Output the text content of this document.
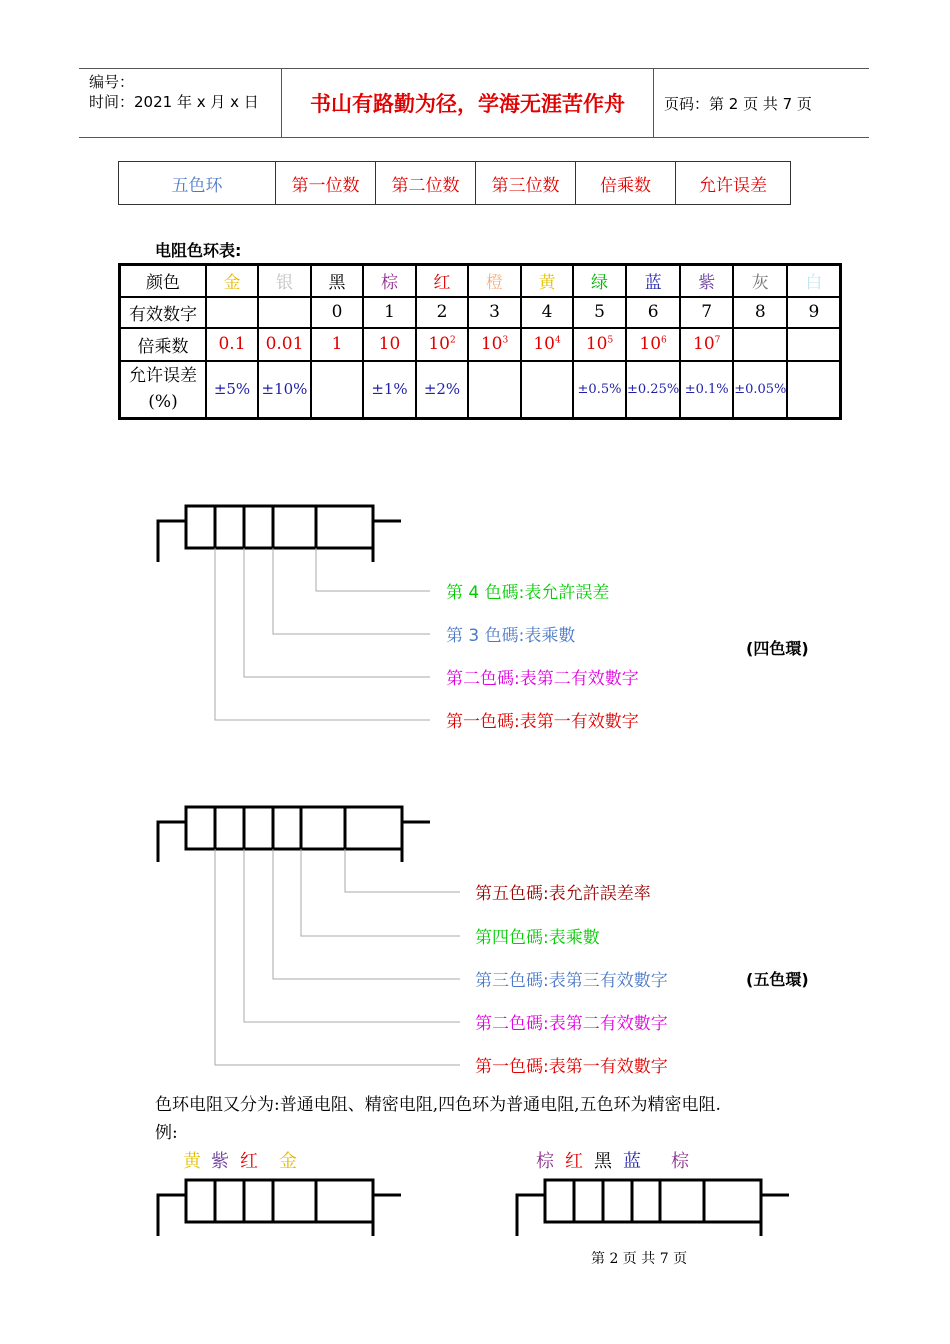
编号：
时间：2021 年 x 月 x 日 书山有路勤为径，学海无涯苦作舟	页码：第 2 页 共 7 页
五色环	第一位数	第二位数	第三位数	倍乘数	允许误差
电阻色环表:
颜色	金	银	黑	棕	红	橙	黄	绿	蓝	紫	灰	白
有效数字			0	1	2	3	4	5	6	7	8	9
倍乘数	0.1	0.01	1	10	$10^2$	$10^3$	$10^4$	$10^5$	$10^6$	$10^7$		
允许误差
(%)	±5%	±10%		±1%	±2%			±0.5%	±0.25%	±0.1%	±0.05%	
第 4 色碼:表允許誤差
第 3 色碼:表乘數
第二色碼:表第二有效數字
第一色碼:表第一有效數字
(四色環)
第五色碼:表允許誤差率
第四色碼:表乘數
第三色碼:表第三有效數字
第二色碼:表第二有效數字
第一色碼:表第一有效數字
(五色環)
色环电阻又分为:普通电阻、精密电阻,四色环为普通电阻,五色环为精密电阻.
例:
黄 紫 红 金	棕 红 黑 蓝 棕
第 2 页 共 7 页
